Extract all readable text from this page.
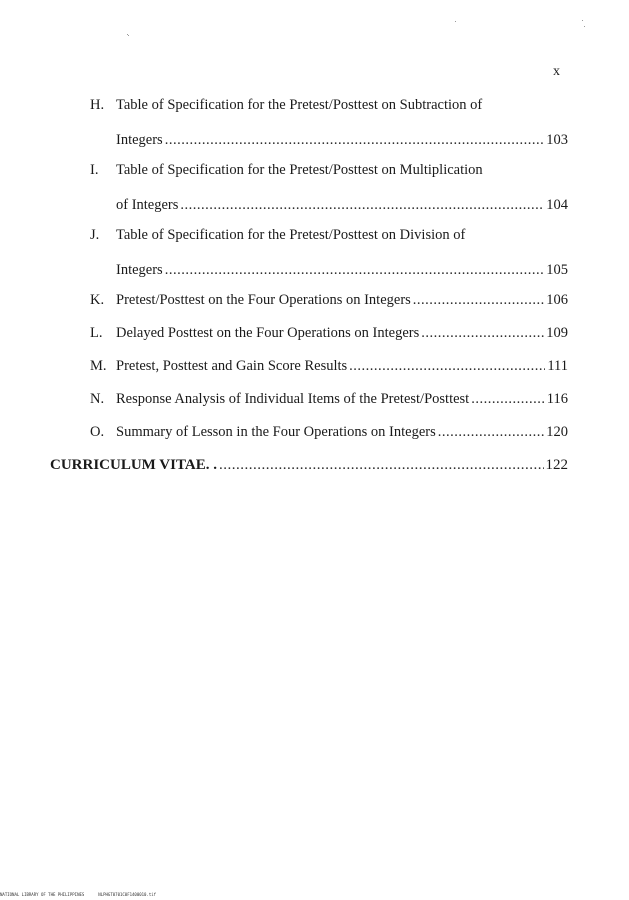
x
H. Table of Specification for the Pretest/Posttest on Subtraction of
Integers .....	103
I.	Table of Specification for the Pretest/Posttest on Multiplication
of Integers .....	104
J.	Table of Specification for the Pretest/Posttest on Division of
Integers .....	105
K. Pretest/Posttest on the Four Operations on Integers .....	106
L. Delayed Posttest on the Four Operations on Integers .....	109
M. Pretest, Posttest and Gain Score Results .....	111
N. Response Analysis of Individual Items of the Pretest/Posttest .....	116
O. Summary of Lesson in the Four Operations on Integers .....	120
CURRICULUM VITAE. . .....	122
NATIONAL LIBRARY OF THE PHILIPPINES	NLPHGT0701C0F1400010.tif
